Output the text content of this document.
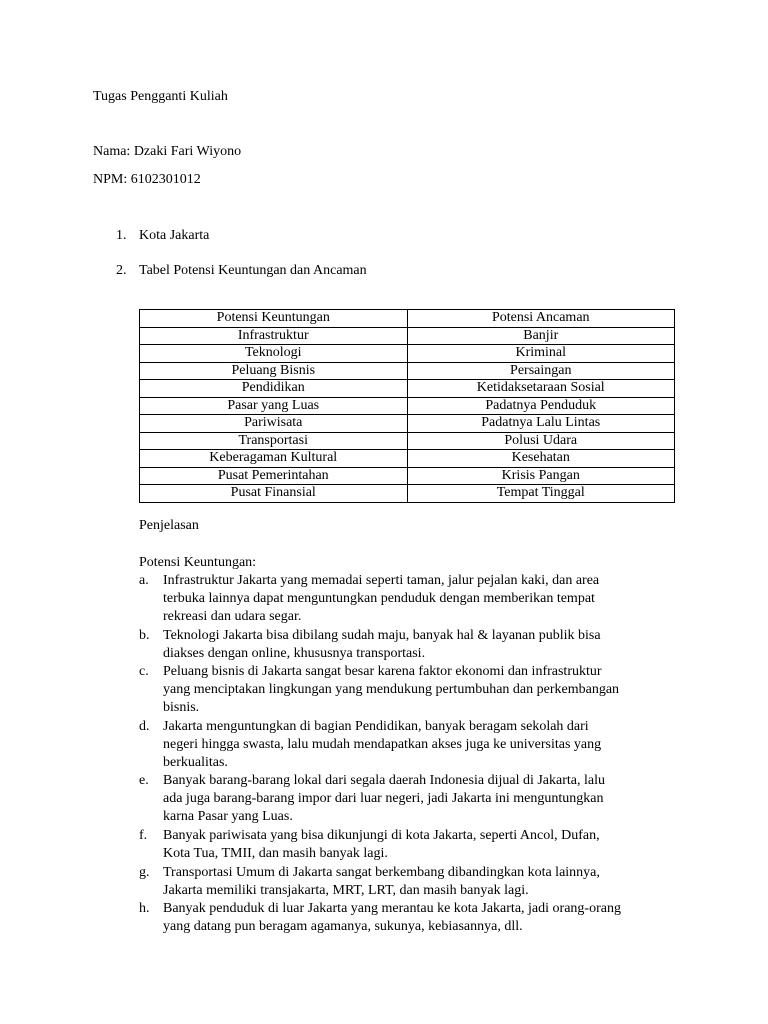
Tugas Pengganti Kuliah
Nama: Dzaki Fari Wiyono
NPM: 6102301012
1. Kota Jakarta
2. Tabel Potensi Keuntungan dan Ancaman
Potensi Keuntungan	Potensi Ancaman
Infrastruktur	Banjir
Teknologi	Kriminal
Peluang Bisnis	Persaingan
Pendidikan	Ketidaksetaraan Sosial
Pasar yang Luas	Padatnya Penduduk
Pariwisata	Padatnya Lalu Lintas
Transportasi	Polusi Udara
Keberagaman Kultural	Kesehatan
Pusat Pemerintahan	Krisis Pangan
Pusat Finansial	Tempat Tinggal
Penjelasan
Potensi Keuntungan:
a. Infrastruktur Jakarta yang memadai seperti taman, jalur pejalan kaki, dan area
terbuka lainnya dapat menguntungkan penduduk dengan memberikan tempat
rekreasi dan udara segar.
b. Teknologi Jakarta bisa dibilang sudah maju, banyak hal & layanan publik bisa
diakses dengan online, khususnya transportasi.
c. Peluang bisnis di Jakarta sangat besar karena faktor ekonomi dan infrastruktur
yang menciptakan lingkungan yang mendukung pertumbuhan dan perkembangan
bisnis.
d. Jakarta menguntungkan di bagian Pendidikan, banyak beragam sekolah dari
negeri hingga swasta, lalu mudah mendapatkan akses juga ke universitas yang
berkualitas.
e. Banyak barang-barang lokal dari segala daerah Indonesia dijual di Jakarta, lalu
ada juga barang-barang impor dari luar negeri, jadi Jakarta ini menguntungkan
karna Pasar yang Luas.
f. Banyak pariwisata yang bisa dikunjungi di kota Jakarta, seperti Ancol, Dufan,
Kota Tua, TMII, dan masih banyak lagi.
g. Transportasi Umum di Jakarta sangat berkembang dibandingkan kota lainnya,
Jakarta memiliki transjakarta, MRT, LRT, dan masih banyak lagi.
h. Banyak penduduk di luar Jakarta yang merantau ke kota Jakarta, jadi orang-orang
yang datang pun beragam agamanya, sukunya, kebiasannya, dll.
